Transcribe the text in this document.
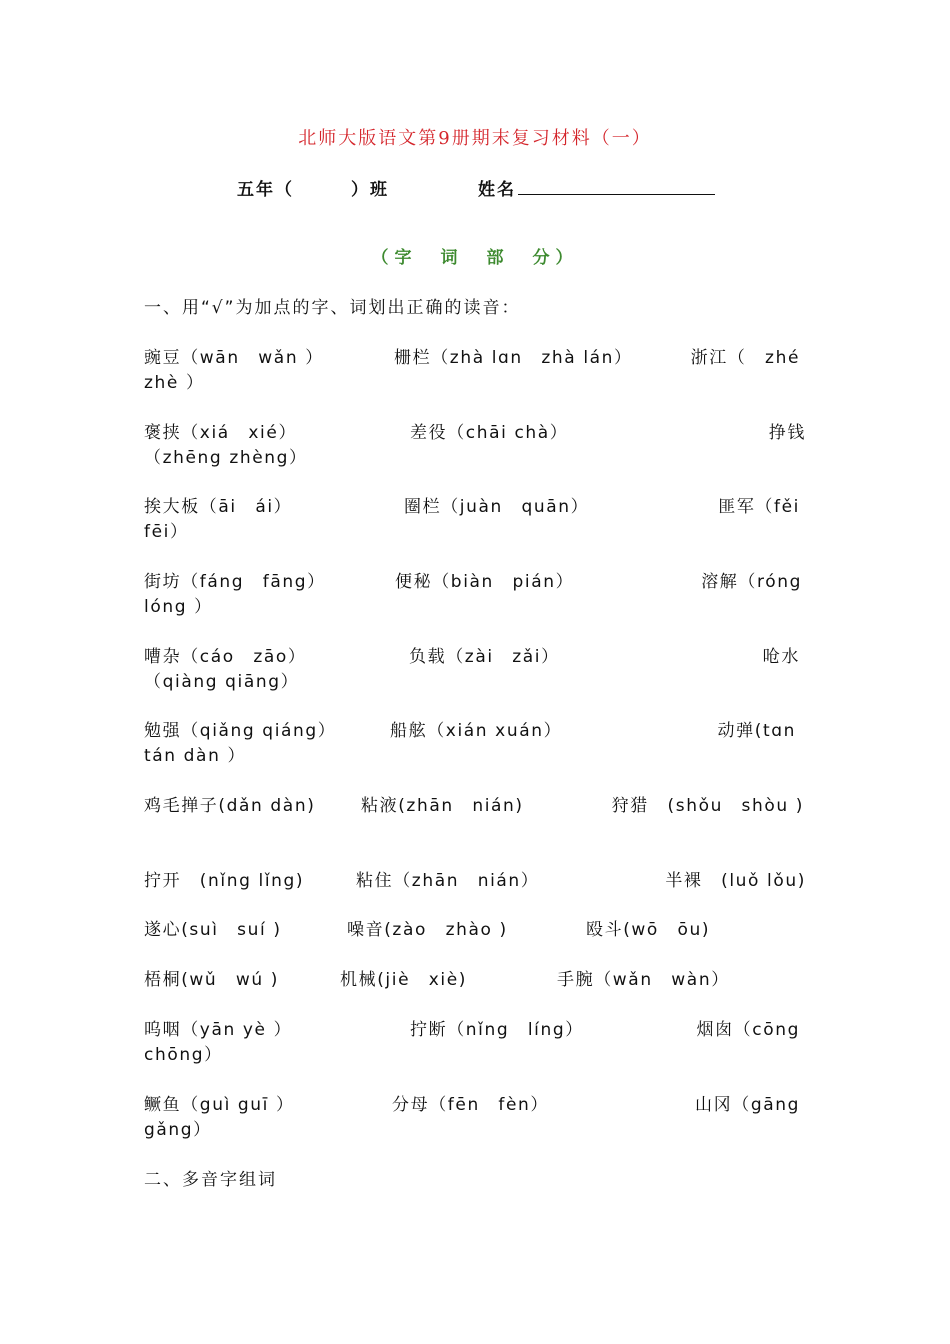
北师大版语文第9册期末复习材料（一）
五年（　　　）班	姓名
（字　词　部　分）
一、用“√”为加点的字、词划出正确的读音：
豌豆（wān　wǎn ）	栅栏（zhà lɑn　zhà lán）	浙江（　zhé
zhè ）
褒挟（xiá　xié）	差役（chāi chà）	挣钱
（zhēng zhèng）
挨大板（āi　ái）	圈栏（juàn　quān）	匪军（fěi
fēi）
街坊（fáng　fāng）	便秘（biàn　pián）	溶解（róng
lóng ）
嘈杂（cáo　zāo）	负载（zài　zǎi）	呛水
（qiàng qiāng）
勉强（qiǎng qiáng）	船舷（xián xuán）	动弹(tɑn
tán dàn ）
鸡毛掸子(dǎn dàn)	粘液(zhān　nián)	狩猎　(shǒu　shòu )
拧开　(nǐng lǐng)	粘住（zhān　nián）	半裸　(luǒ lǒu)
遂心(suì　suí )	噪音(zào　zhào )	殴斗(wō　ōu)
梧桐(wǔ　wú )	机械(jiè　xiè)	手腕（wǎn　wàn）
呜咽（yān yè ）	拧断（nǐng　líng）	烟囱（cōng
chōng）
鳜鱼（guì guī ）	分母（fēn　fèn）	山冈（gāng
gǎng）
二、多音字组词
